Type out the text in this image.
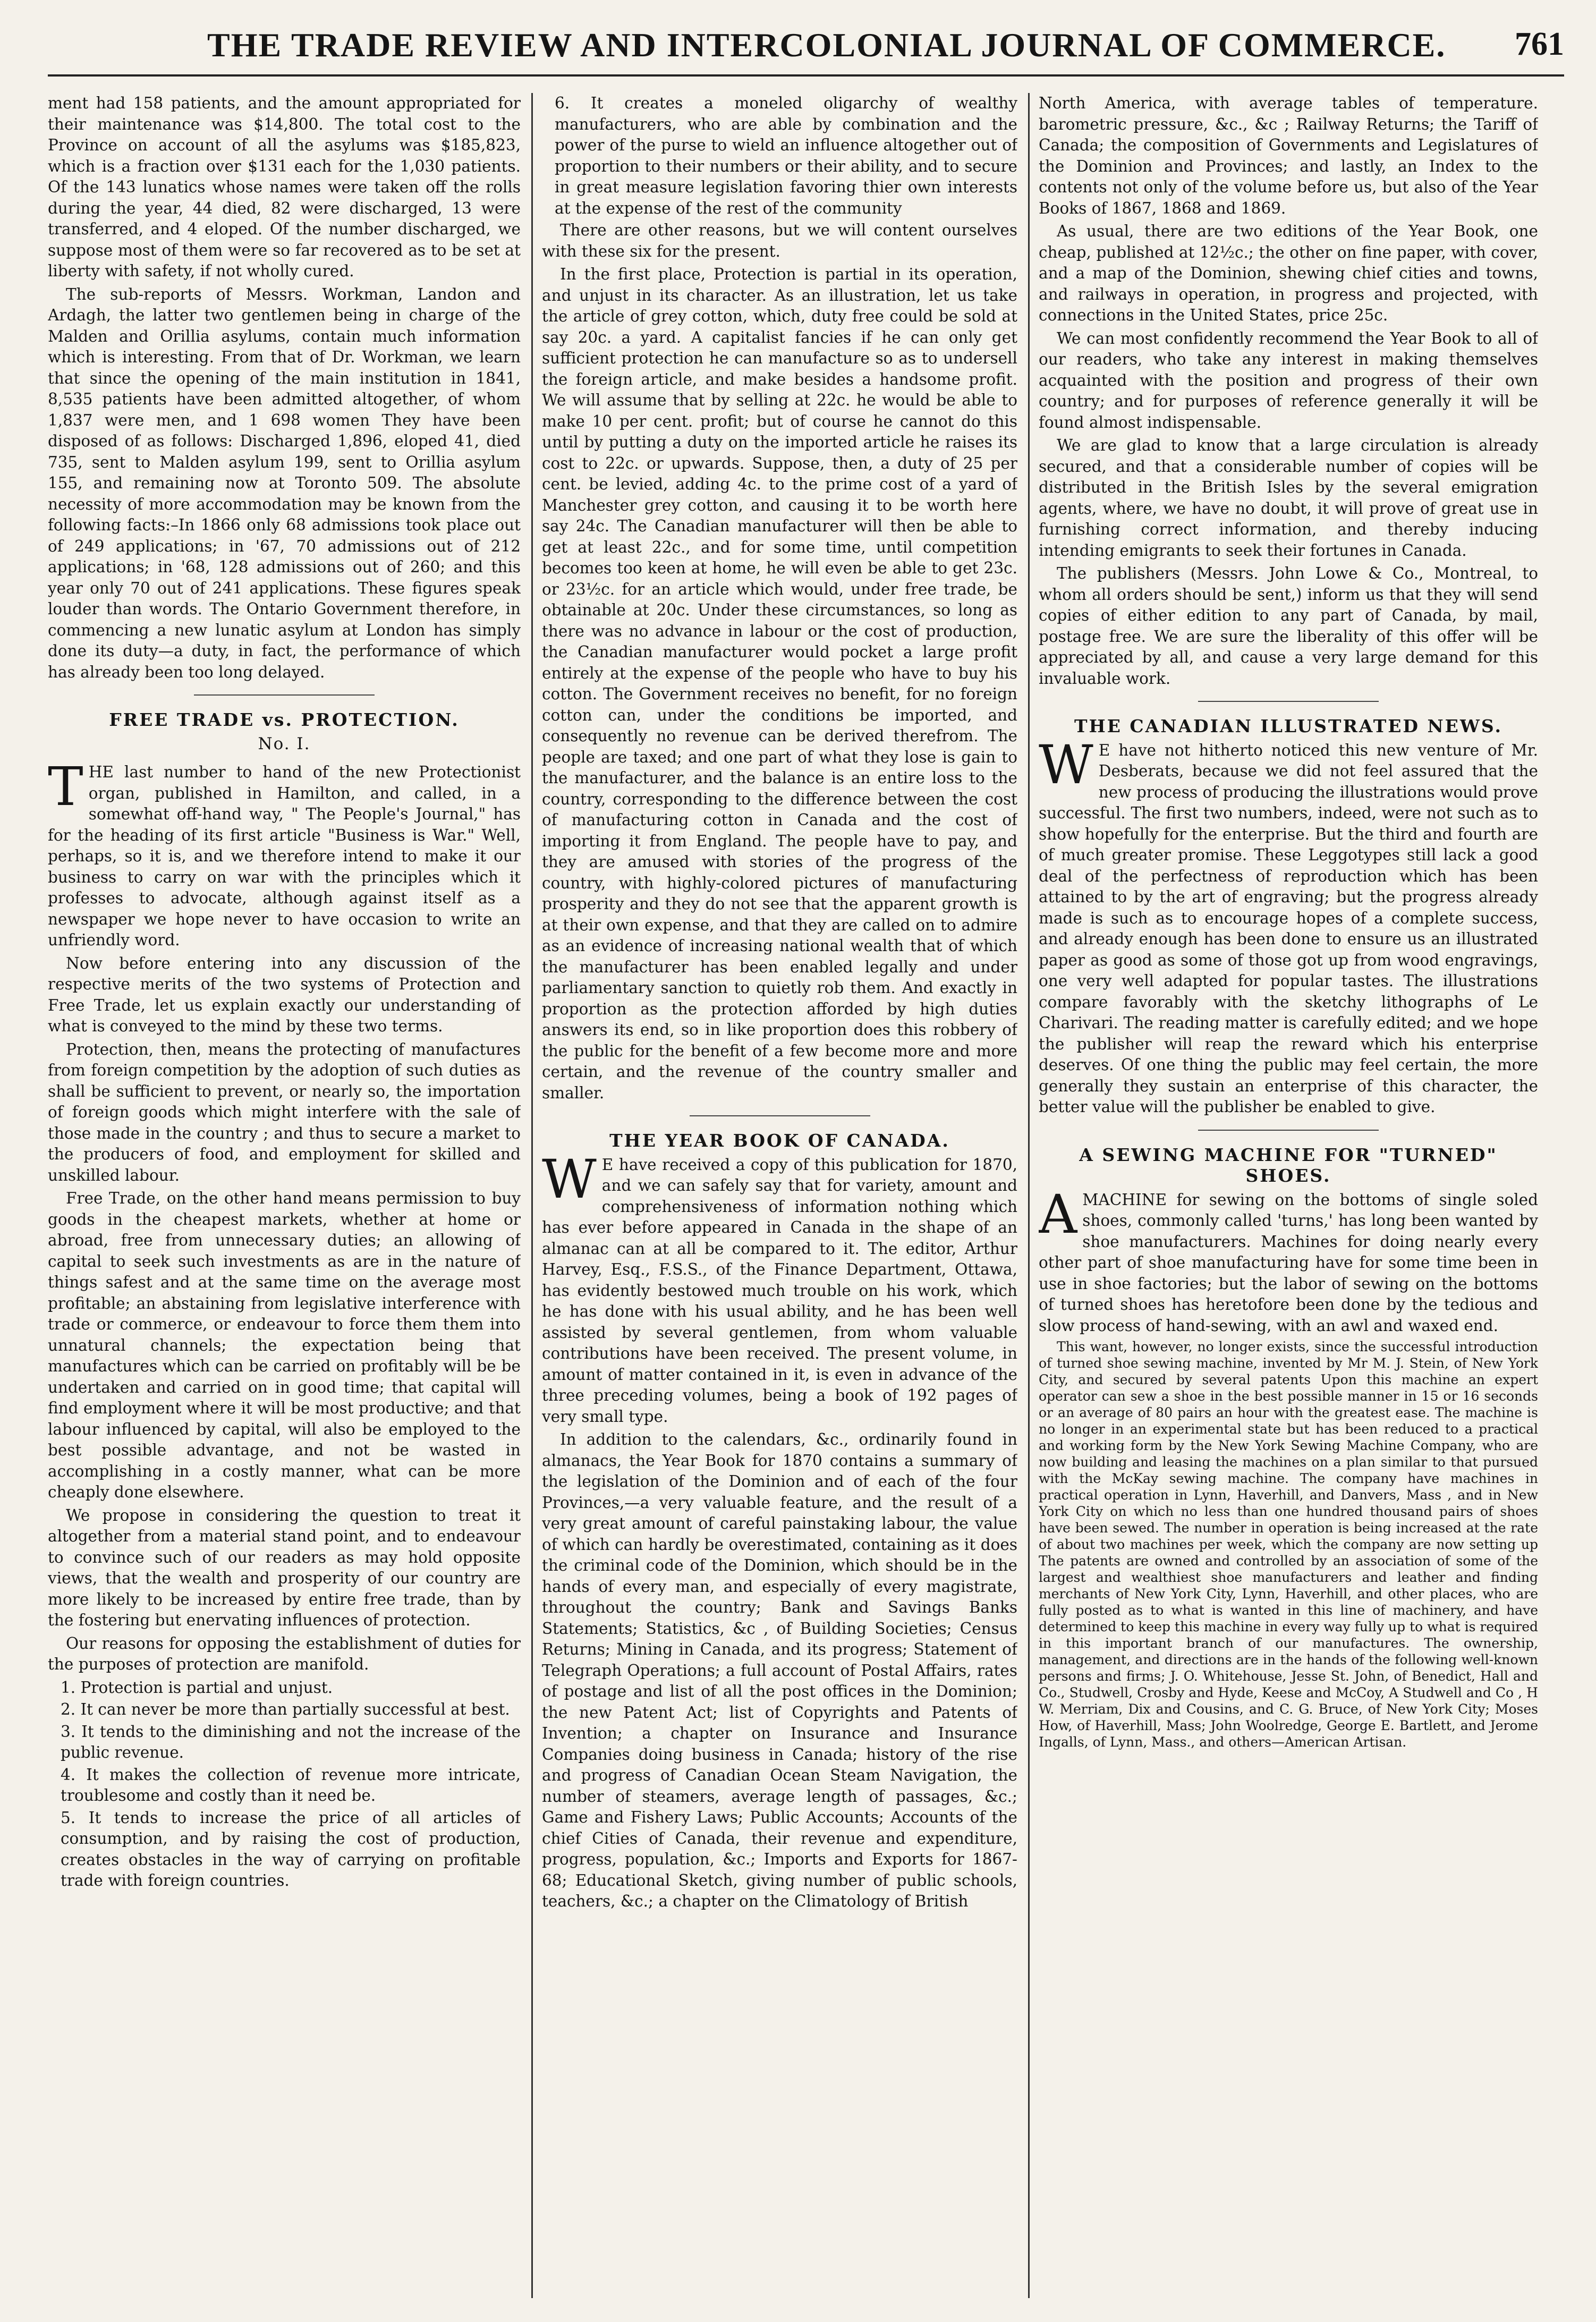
THE TRADE REVIEW AND INTERCOLONIAL JOURNAL OF COMMERCE. 761

ment had 158 patients, and the amount appropriated for their maintenance was $14,800. The total cost to the Province on account of all the asylums was $185,823, which is a fraction over $131 each for the 1,030 patients. Of the 143 lunatics whose names were taken off the rolls during the year, 44 died, 82 were discharged, 13 were transferred, and 4 eloped. Of the number discharged, we suppose most of them were so far recovered as to be set at liberty with safety, if not wholly cured.

The sub-reports of Messrs. Workman, Landon and Ardagh, the latter two gentlemen being in charge of the Malden and Orillia asylums, contain much information which is interesting. From that of Dr. Workman, we learn that since the opening of the main institution in 1841, 8,535 patients have been admitted altogether, of whom 1,837 were men, and 1 698 women They have been disposed of as follows: Discharged 1,896, eloped 41, died 735, sent to Malden asylum 199, sent to Orillia asylum 155, and remaining now at Toronto 509. The absolute necessity of more accommodation may be known from the following facts:–In 1866 only 68 admissions took place out of 249 applications; in '67, 70 admissions out of 212 applications; in '68, 128 admissions out of 260; and this year only 70 out of 241 applications. These figures speak louder than words. The Ontario Government therefore, in commencing a new lunatic asylum at London has simply done its duty—a duty, in fact, the performance of which has already been too long delayed.

FREE TRADE vs. PROTECTION.
No. I.

THE last number to hand of the new Protectionist organ, published in Hamilton, and called, in a somewhat off-hand way, " The People's Journal," has for the heading of its first article "Business is War." Well, perhaps, so it is, and we therefore intend to make it our business to carry on war with the principles which it professes to advocate, although against itself as a newspaper we hope never to have occasion to write an unfriendly word.

Now before entering into any discussion of the respective merits of the two systems of Protection and Free Trade, let us explain exactly our understanding of what is conveyed to the mind by these two terms.

Protection, then, means the protecting of manufactures from foreign competition by the adoption of such duties as shall be sufficient to prevent, or nearly so, the importation of foreign goods which might interfere with the sale of those made in the country ; and thus to secure a market to the producers of food, and employment for skilled and unskilled labour.

Free Trade, on the other hand means permission to buy goods in the cheapest markets, whether at home or abroad, free from unnecessary duties; an allowing of capital to seek such investments as are in the nature of things safest and at the same time on the average most profitable; an abstaining from legislative interference with trade or commerce, or endeavour to force them them into unnatural channels; the expectation being that manufactures which can be carried on profitably will be be undertaken and carried on in good time; that capital will find employment where it will be most productive; and that labour influenced by capital, will also be employed to the best possible advantage, and not be wasted in accomplishing in a costly manner, what can be more cheaply done elsewhere.

We propose in considering the question to treat it altogether from a material stand point, and to endeavour to convince such of our readers as may hold opposite views, that the wealth and prosperity of our country are more likely to be increased by entire free trade, than by the fostering but enervating influences of protection.

Our reasons for opposing the establishment of duties for the purposes of protection are manifold.

1. Protection is partial and unjust.

2. It can never be more than partially successful at best.

3. It tends to the diminishing and not the increase of the public revenue.

4. It makes the collection of revenue more intricate, troublesome and costly than it need be.

5. It tends to increase the price of all articles of consumption, and by raising the cost of production, creates obstacles in the way of carrying on profitable trade with foreign countries.

6. It creates a moneled oligarchy of wealthy manufacturers, who are able by combination and the power of the purse to wield an influence altogether out of proportion to their numbers or their ability, and to secure in great measure legislation favoring thier own interests at the expense of the rest of the community

There are other reasons, but we will content ourselves with these six for the present.

In the first place, Protection is partial in its operation, and unjust in its character. As an illustration, let us take the article of grey cotton, which, duty free could be sold at say 20c. a yard. A capitalist fancies if he can only get sufficient protection he can manufacture so as to undersell the foreign article, and make besides a handsome profit. We will assume that by selling at 22c. he would be able to make 10 per cent. profit; but of course he cannot do this until by putting a duty on the imported article he raises its cost to 22c. or upwards. Suppose, then, a duty of 25 per cent. be levied, adding 4c. to the prime cost of a yard of Manchester grey cotton, and causing it to be worth here say 24c. The Canadian manufacturer will then be able to get at least 22c., and for some time, until competition becomes too keen at home, he will even be able to get 23c. or 23½c. for an article which would, under free trade, be obtainable at 20c. Under these circumstances, so long as there was no advance in labour or the cost of production, the Canadian manufacturer would pocket a large profit entirely at the expense of the people who have to buy his cotton. The Government receives no benefit, for no foreign cotton can, under the conditions be imported, and consequently no revenue can be derived therefrom. The people are taxed; and one part of what they lose is gain to the manufacturer, and the balance is an entire loss to the country, corresponding to the difference between the cost of manufacturing cotton in Canada and the cost of importing it from England. The people have to pay, and they are amused with stories of the progress of the country, with highly-colored pictures of manufacturing prosperity and they do not see that the apparent growth is at their own expense, and that they are called on to admire as an evidence of increasing national wealth that of which the manufacturer has been enabled legally and under parliamentary sanction to quietly rob them. And exactly in proportion as the protection afforded by high duties answers its end, so in like proportion does this robbery of the public for the benefit of a few become more and more certain, and the revenue of the country smaller and smaller.

THE YEAR BOOK OF CANADA.

W E have received a copy of this publication for 1870, and we can safely say that for variety, amount and comprehensiveness of information nothing which has ever before appeared in Canada in the shape of an almanac can at all be compared to it. The editor, Arthur Harvey, Esq., F.S.S., of the Finance Department, Ottawa, has evidently bestowed much trouble on his work, which he has done with his usual ability, and he has been well assisted by several gentlemen, from whom valuable contributions have been received. The present volume, in amount of matter contained in it, is even in advance of the three preceding volumes, being a book of 192 pages of very small type.

In addition to the calendars, &c., ordinarily found in almanacs, the Year Book for 1870 contains a summary of the legislation of the Dominion and of each of the four Provinces,—a very valuable feature, and the result of a very great amount of careful painstaking labour, the value of which can hardly be overestimated, containing as it does the criminal code of the Dominion, which should be in the hands of every man, and especially of every magistrate, throughout the country; Bank and Savings Banks Statements; Statistics, &c , of Building Societies; Census Returns; Mining in Canada, and its progress; Statement of Telegraph Operations; a full account of Postal Affairs, rates of postage and list of all the post offices in the Dominion; the new Patent Act; list of Copyrights and Patents of Invention; a chapter on Insurance and Insurance Companies doing business in Canada; history of the rise and progress of Canadian Ocean Steam Navigation, the number of steamers, average length of passages, &c.; Game and Fishery Laws; Public Accounts; Accounts of the chief Cities of Canada, their revenue and expenditure, progress, population, &c.; Imports and Exports for 1867-68; Educational Sketch, giving number of public schools, teachers, &c.; a chapter on the Climatology of British

North America, with average tables of temperature. barometric pressure, &c., &c ; Railway Returns; the Tariff of Canada; the composition of Governments and Legislatures of the Dominion and Provinces; and lastly, an Index to the contents not only of the volume before us, but also of the Year Books of 1867, 1868 and 1869.

As usual, there are two editions of the Year Book, one cheap, published at 12½c.; the other on fine paper, with cover, and a map of the Dominion, shewing chief cities and towns, and railways in operation, in progress and projected, with connections in the United States, price 25c.

We can most confidently recommend the Year Book to all of our readers, who take any interest in making themselves acquainted with the position and progress of their own country; and for purposes of reference generally it will be found almost indispensable.

We are glad to know that a large circulation is already secured, and that a considerable number of copies will be distributed in the British Isles by the several emigration agents, where, we have no doubt, it will prove of great use in furnishing correct information, and thereby inducing intending emigrants to seek their fortunes in Canada.

The publishers (Messrs. John Lowe & Co., Montreal, to whom all orders should be sent,) inform us that they will send copies of either edition to any part of Canada, by mail, postage free. We are sure the liberality of this offer will be appreciated by all, and cause a very large demand for this invaluable work.

THE CANADIAN ILLUSTRATED NEWS.

W E have not hitherto noticed this new venture of Mr. Desberats, because we did not feel assured that the new process of producing the illustrations would prove successful. The first two numbers, indeed, were not such as to show hopefully for the enterprise. But the third and fourth are of much greater promise. These Leggotypes still lack a good deal of the perfectness of reproduction which has been attained to by the art of engraving; but the progress already made is such as to encourage hopes of a complete success, and already enough has been done to ensure us an illustrated paper as good as some of those got up from wood engravings, one very well adapted for popular tastes. The illustrations compare favorably with the sketchy lithographs of Le Charivari. The reading matter is carefully edited; and we hope the publisher will reap the reward which his enterprise deserves. Of one thing the public may feel certain, the more generally they sustain an enterprise of this character, the better value will the publisher be enabled to give.

A SEWING MACHINE FOR "TURNED" SHOES.

AMACHINE for sewing on the bottoms of single soled shoes, commonly called 'turns,' has long been wanted by shoe manufacturers. Machines for doing nearly every other part of shoe manufacturing have for some time been in use in shoe factories; but the labor of sewing on the bottoms of turned shoes has heretofore been done by the tedious and slow process of hand-sewing, with an awl and waxed end.

This want, however, no longer exists, since the successful introduction of turned shoe sewing machine, invented by Mr M. J. Stein, of New York City, and secured by several patents Upon this machine an expert operator can sew a shoe in the best possible manner in 15 or 16 seconds or an average of 80 pairs an hour with the greatest ease. The machine is no longer in an experimental state but has been reduced to a practical and working form by the New York Sewing Machine Company, who are now building and leasing the machines on a plan similar to that pursued with the McKay sewing machine. The company have machines in practical operation in Lynn, Haverhill, and Danvers, Mass , and in New York City on which no less than one hundred thousand pairs of shoes have been sewed. The number in operation is being increased at the rate of about two machines per week, which the company are now setting up The patents are owned and controlled by an association of some of the largest and wealthiest shoe manufacturers and leather and finding merchants of New York City, Lynn, Haverhill, and other places, who are fully posted as to what is wanted in this line of machinery, and have determined to keep this machine in every way fully up to what is required in this important branch of our manufactures. The ownership, management, and directions are in the hands of the following well-known persons and firms; J. O. Whitehouse, Jesse St. John, of Benedict, Hall and Co., Studwell, Crosby and Hyde, Keese and McCoy, A Studwell and Co , H W. Merriam, Dix and Cousins, and C. G. Bruce, of New York City; Moses How, of Haverhill, Mass; John Woolredge, George E. Bartlett, and Jerome Ingalls, of Lynn, Mass., and others—American Artisan.
